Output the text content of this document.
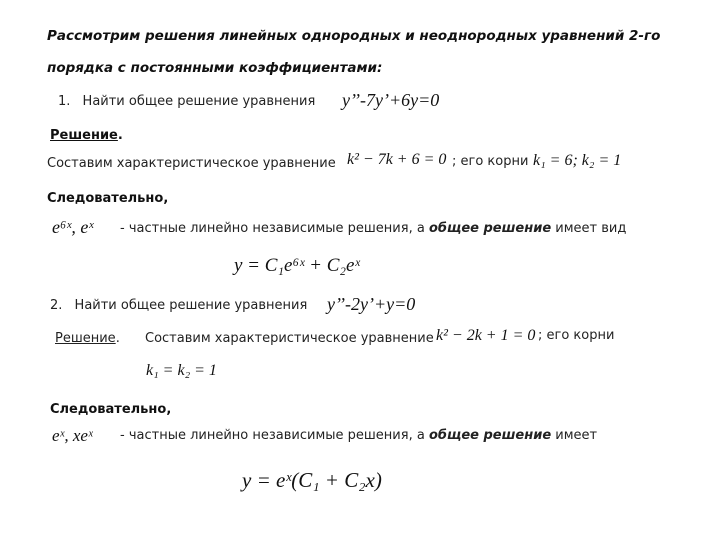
Рассмотрим решения линейных однородных и неоднородных уравнений 2-го
порядка с постоянными коэффициентами:
1. Найти общее решение уравнения y’’-7y’+6y=0
Решение.
Составим характеристическое уравнение k² − 7k + 6 = 0 ; его корни k₁ = 6; k₂ = 1
Следовательно,
e⁶ˣ, eˣ - частные линейно независимые решения, а общее решение имеет вид
y = C₁e⁶ˣ + C₂eˣ
2. Найти общее решение уравнения y’’-2y’+y=0
Решение. Составим характеристическое уравнение k² − 2k + 1 = 0 ; его корни
k₁ = k₂ = 1
Следовательно,
eˣ, xeˣ - частные линейно независимые решения, а общее решение имеет
y = eˣ(C₁ + C₂x)
